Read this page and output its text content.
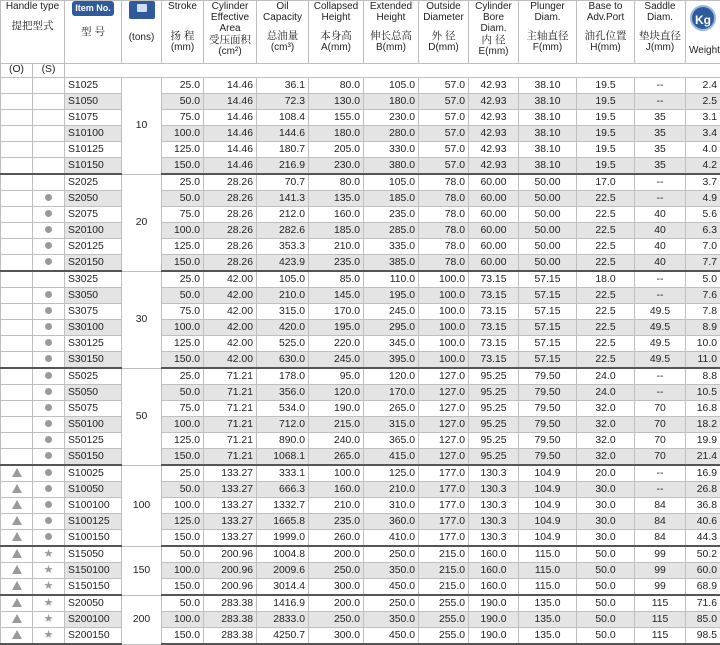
Handle type
提把型式		Item No.
型 号	(tons)	Stroke
扬 程
(mm)	Cylinder Effective Area
受压面积
(cm²)	Oil Capacity
总油量
(cm³)	Collapsed Height
本身高
A(mm)	Extended Height
伸长总高
B(mm)	Outside Diameter
外 径
D(mm)	Cylinder Bore Diam.
内 径
E(mm)	Plunger Diam.
主轴直径
F(mm)	Base to Adv.Port
油孔位置
H(mm)	Saddle Diam.
垫块直径
J(mm)	Kg
Weight

(O)	(S)													
		S1025	10	25.0	14.46	36.1	80.0	105.0	57.0	42.93	38.10	19.5	--	2.4
		S1050		50.0	14.46	72.3	130.0	180.0	57.0	42.93	38.10	19.5	--	2.5
		S1075		75.0	14.46	108.4	155.0	230.0	57.0	42.93	38.10	19.5	35	3.1
		S10100		100.0	14.46	144.6	180.0	280.0	57.0	42.93	38.10	19.5	35	3.4
		S10125		125.0	14.46	180.7	205.0	330.0	57.0	42.93	38.10	19.5	35	4.0
		S10150		150.0	14.46	216.9	230.0	380.0	57.0	42.93	38.10	19.5	35	4.2
		S2025	20	25.0	28.26	70.7	80.0	105.0	78.0	60.00	50.00	17.0	--	3.7
		S2050		50.0	28.26	141.3	135.0	185.0	78.0	60.00	50.00	22.5	--	4.9
		S2075		75.0	28.26	212.0	160.0	235.0	78.0	60.00	50.00	22.5	40	5.6
		S20100		100.0	28.26	282.6	185.0	285.0	78.0	60.00	50.00	22.5	40	6.3
		S20125		125.0	28.26	353.3	210.0	335.0	78.0	60.00	50.00	22.5	40	7.0
		S20150		150.0	28.26	423.9	235.0	385.0	78.0	60.00	50.00	22.5	40	7.7
		S3025	30	25.0	42.00	105.0	85.0	110.0	100.0	73.15	57.15	18.0	--	5.0
		S3050		50.0	42.00	210.0	145.0	195.0	100.0	73.15	57.15	22.5	--	7.6
		S3075		75.0	42.00	315.0	170.0	245.0	100.0	73.15	57.15	22.5	49.5	7.8
		S30100		100.0	42.00	420.0	195.0	295.0	100.0	73.15	57.15	22.5	49.5	8.9
		S30125		125.0	42.00	525.0	220.0	345.0	100.0	73.15	57.15	22.5	49.5	10.0
		S30150		150.0	42.00	630.0	245.0	395.0	100.0	73.15	57.15	22.5	49.5	11.0
		S5025	50	25.0	71.21	178.0	95.0	120.0	127.0	95.25	79.50	24.0	--	8.8
		S5050		50.0	71.21	356.0	120.0	170.0	127.0	95.25	79.50	24.0	--	10.5
		S5075		75.0	71.21	534.0	190.0	265.0	127.0	95.25	79.50	32.0	70	16.8
		S50100		100.0	71.21	712.0	215.0	315.0	127.0	95.25	79.50	32.0	70	18.2
		S50125		125.0	71.21	890.0	240.0	365.0	127.0	95.25	79.50	32.0	70	19.9
		S50150		150.0	71.21	1068.1	265.0	415.0	127.0	95.25	79.50	32.0	70	21.4
		S10025	100	25.0	133.27	333.1	100.0	125.0	177.0	130.3	104.9	20.0	--	16.9
		S10050		50.0	133.27	666.3	160.0	210.0	177.0	130.3	104.9	30.0	--	26.8
		S100100		100.0	133.27	1332.7	210.0	310.0	177.0	130.3	104.9	30.0	84	36.8
		S100125		125.0	133.27	1665.8	235.0	360.0	177.0	130.3	104.9	30.0	84	40.6
		S100150		150.0	133.27	1999.0	260.0	410.0	177.0	130.3	104.9	30.0	84	44.3
	★	S15050	150	50.0	200.96	1004.8	200.0	250.0	215.0	160.0	115.0	50.0	99	50.2
	★	S150100		100.0	200.96	2009.6	250.0	350.0	215.0	160.0	115.0	50.0	99	60.0
	★	S150150		150.0	200.96	3014.4	300.0	450.0	215.0	160.0	115.0	50.0	99	68.9
	★	S20050	200	50.0	283.38	1416.9	200.0	250.0	255.0	190.0	135.0	50.0	115	71.6
	★	S200100		100.0	283.38	2833.0	250.0	350.0	255.0	190.0	135.0	50.0	115	85.0
	★	S200150		150.0	283.38	4250.7	300.0	450.0	255.0	190.0	135.0	50.0	115	98.5
